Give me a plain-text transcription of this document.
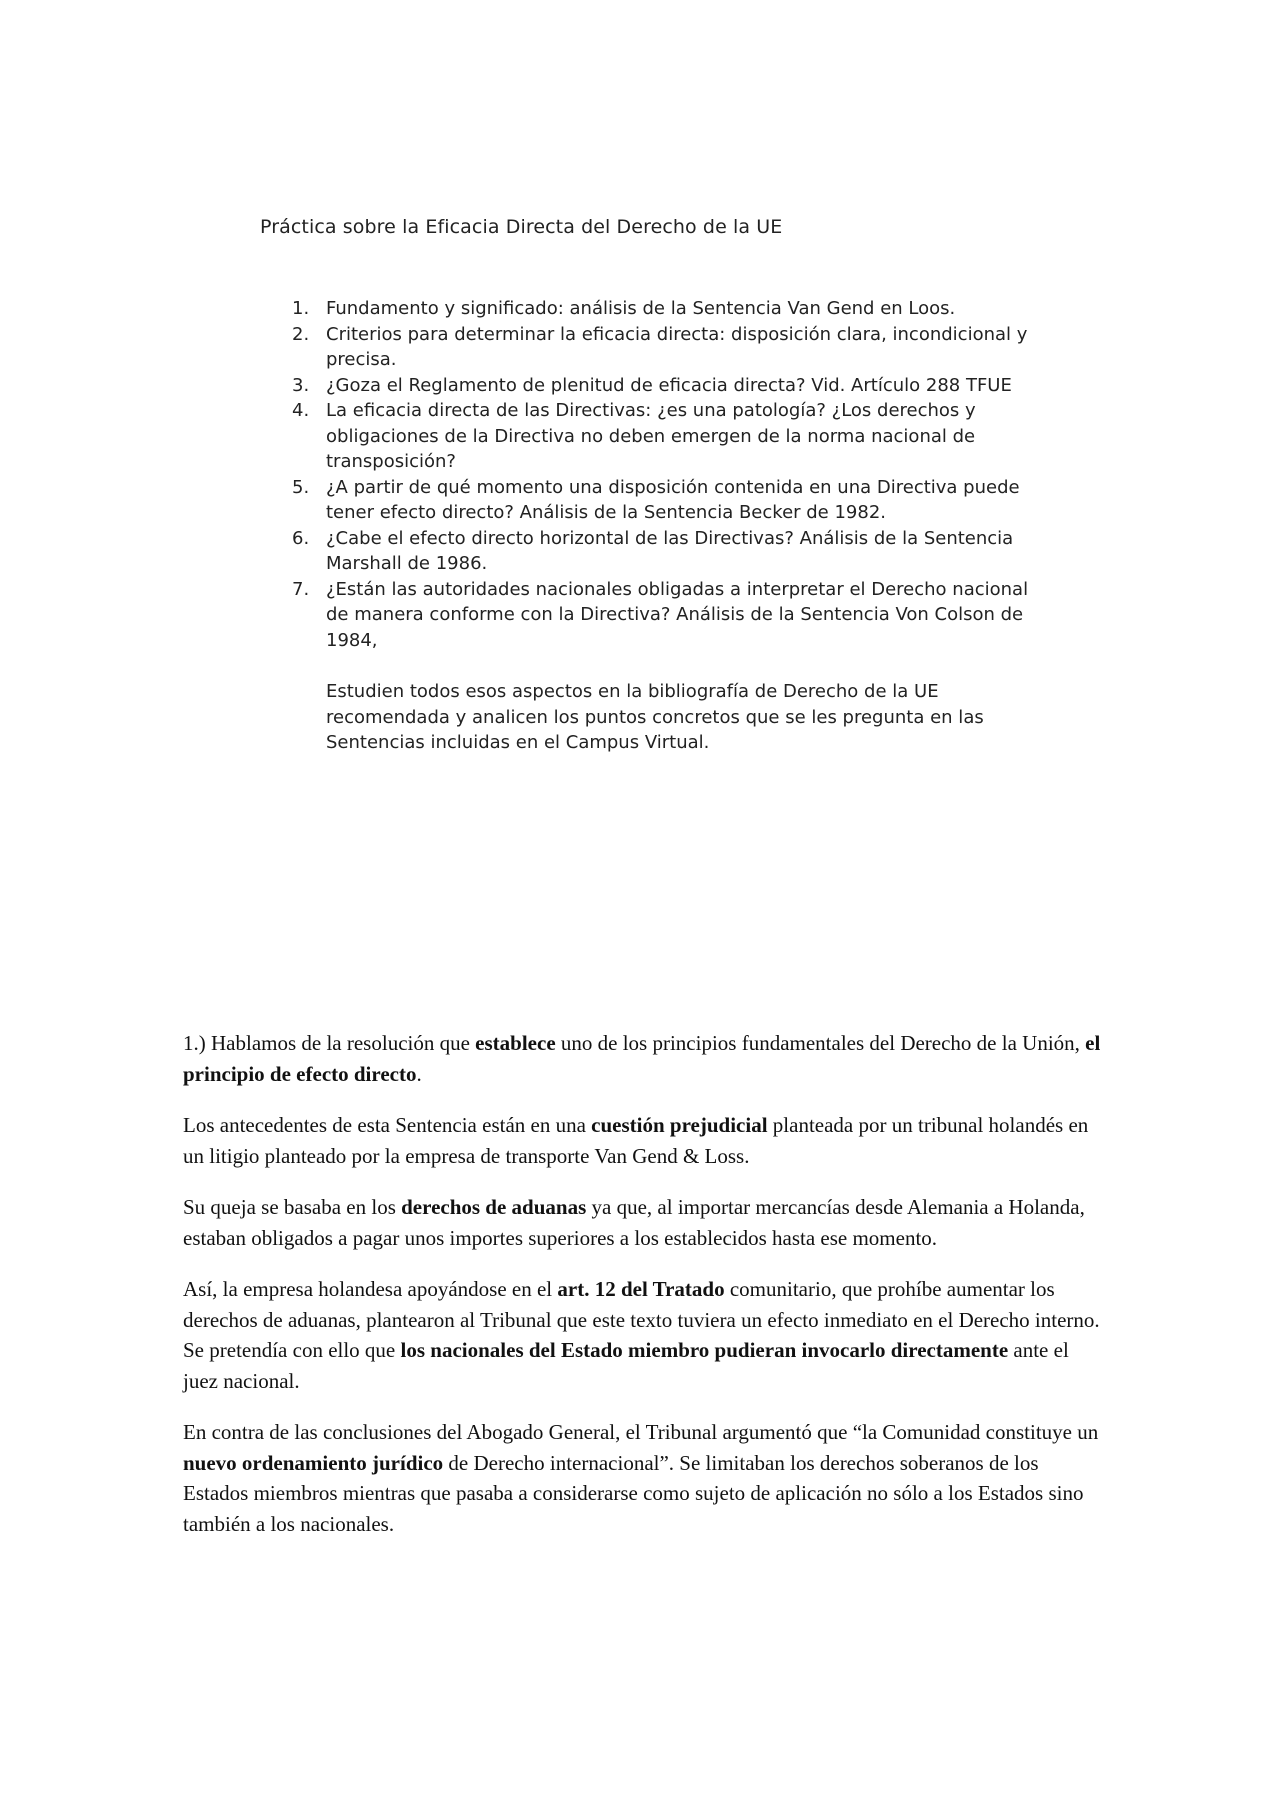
Práctica sobre la Eficacia Directa del Derecho de la UE

1. Fundamento y significado: análisis de la Sentencia Van Gend en Loos.
2. Criterios para determinar la eficacia directa: disposición clara, incondicional y precisa.
3. ¿Goza el Reglamento de plenitud de eficacia directa? Vid. Artículo 288 TFUE
4. La eficacia directa de las Directivas: ¿es una patología? ¿Los derechos y obligaciones de la Directiva no deben emergen de la norma nacional de transposición?
5. ¿A partir de qué momento una disposición contenida en una Directiva puede tener efecto directo? Análisis de la Sentencia Becker de 1982.
6. ¿Cabe el efecto directo horizontal de las Directivas? Análisis de la Sentencia Marshall de 1986.
7. ¿Están las autoridades nacionales obligadas a interpretar el Derecho nacional de manera conforme con la Directiva? Análisis de la Sentencia Von Colson de 1984,

Estudien todos esos aspectos en la bibliografía de Derecho de la UE recomendada y analicen los puntos concretos que se les pregunta en las Sentencias incluidas en el Campus Virtual.

1.) Hablamos de la resolución que establece uno de los principios fundamentales del Derecho de la Unión, el principio de efecto directo.

Los antecedentes de esta Sentencia están en una cuestión prejudicial planteada por un tribunal holandés en un litigio planteado por la empresa de transporte Van Gend & Loss.

Su queja se basaba en los derechos de aduanas ya que, al importar mercancías desde Alemania a Holanda, estaban obligados a pagar unos importes superiores a los establecidos hasta ese momento.

Así, la empresa holandesa apoyándose en el art. 12 del Tratado comunitario, que prohíbe aumentar los derechos de aduanas, plantearon al Tribunal que este texto tuviera un efecto inmediato en el Derecho interno. Se pretendía con ello que los nacionales del Estado miembro pudieran invocarlo directamente ante el juez nacional.

En contra de las conclusiones del Abogado General, el Tribunal argumentó que “la Comunidad constituye un nuevo ordenamiento jurídico de Derecho internacional”. Se limitaban los derechos soberanos de los Estados miembros mientras que pasaba a considerarse como sujeto de aplicación no sólo a los Estados sino también a los nacionales.
